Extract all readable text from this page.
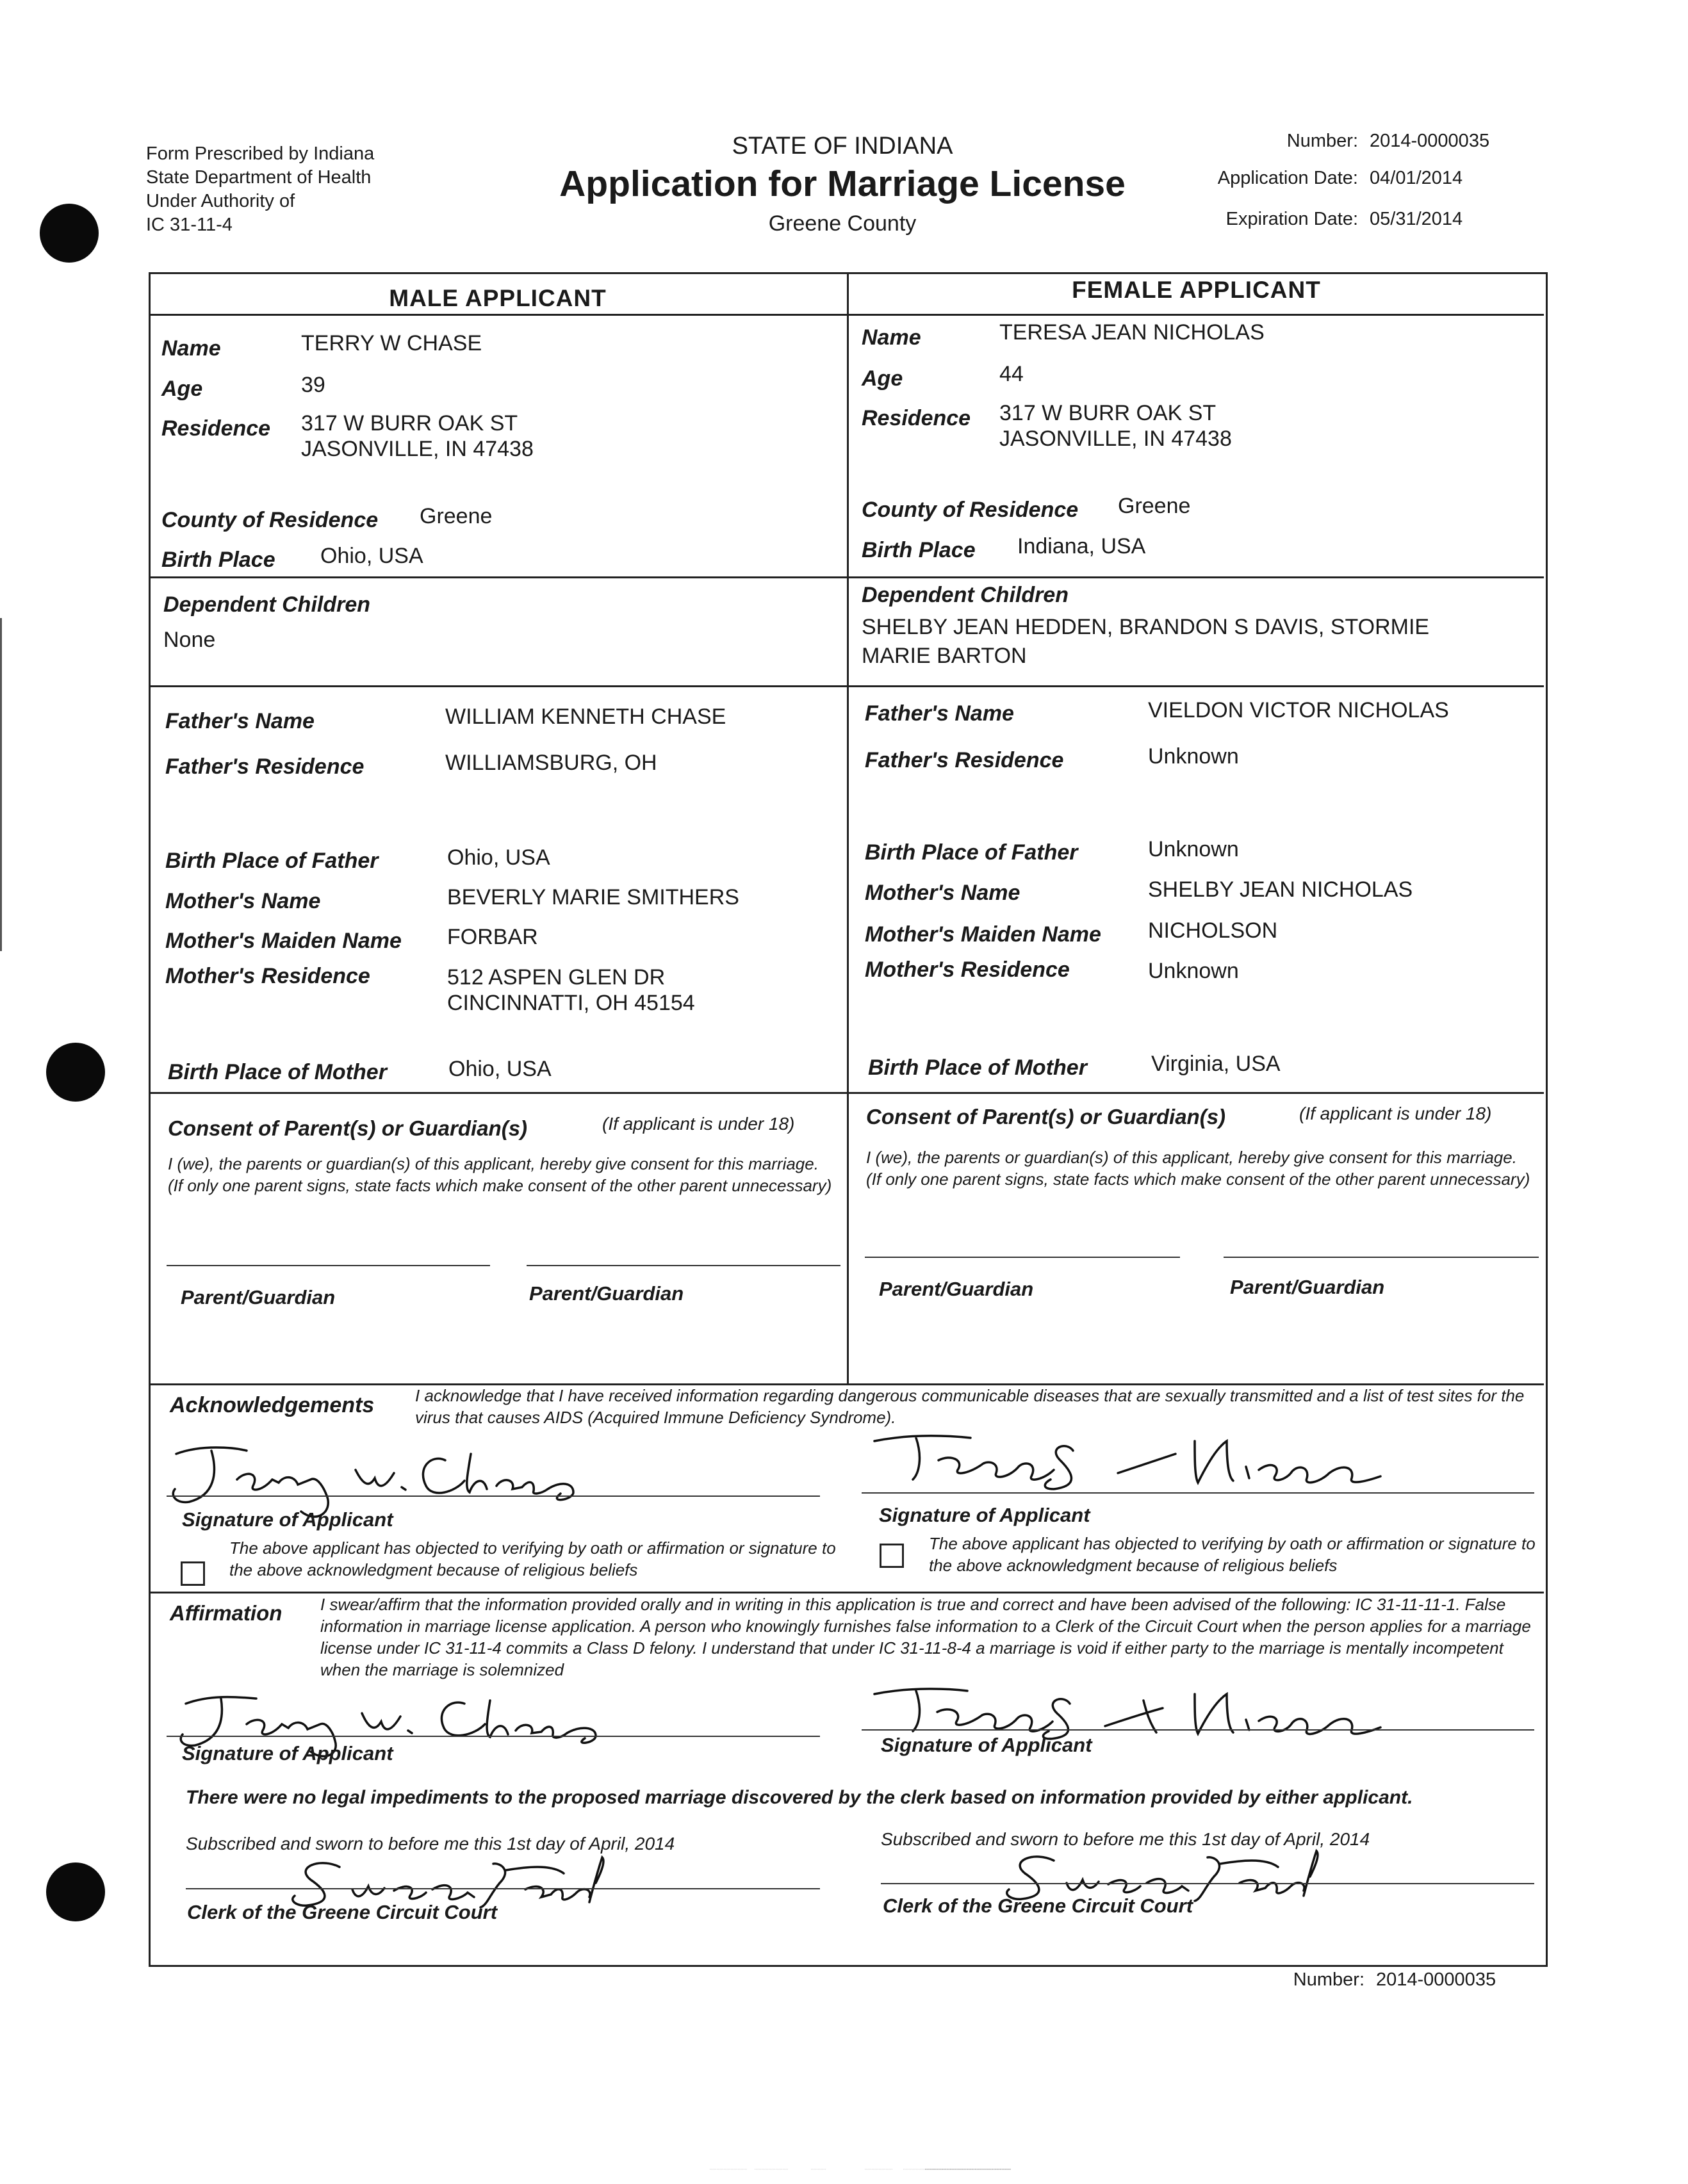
Form Prescribed by Indiana
State Department of Health
Under Authority of
IC 31-11-4
STATE OF INDIANA
Application for Marriage License
Greene County
Number: 2014-0000035
Application Date: 04/01/2014
Expiration Date: 05/31/2014
MALE APPLICANT	FEMALE APPLICANT
Name	TERRY W CHASE
Age	39
Residence 317 W BURR OAK ST
JASONVILLE, IN 47438
County of Residence Greene
Birth Place Ohio, USA
Name	TERESA JEAN NICHOLAS
Age	44
Residence 317 W BURR OAK ST
JASONVILLE, IN 47438
County of Residence Greene
Birth Place Indiana, USA
Dependent Children
None
Dependent Children
SHELBY JEAN HEDDEN, BRANDON S DAVIS, STORMIE
MARIE BARTON
Father's Name	WILLIAM KENNETH CHASE
Father's Residence	WILLIAMSBURG, OH
Birth Place of Father	Ohio, USA
Mother's Name	BEVERLY MARIE SMITHERS
Mother's Maiden Name FORBAR
Mother's Residence	512 ASPEN GLEN DR
CINCINNATTI, OH 45154
Birth Place of Mother	Ohio, USA
Father's Name	VIELDON VICTOR NICHOLAS
Father's Residence	Unknown
Birth Place of Father	Unknown
Mother's Name	SHELBY JEAN NICHOLAS
Mother's Maiden Name NICHOLSON
Mother's Residence	Unknown
Birth Place of Mother	Virginia, USA
Consent of Parent(s) or Guardian(s)	(If applicant is under 18)
I (we), the parents or guardian(s) of this applicant, hereby give consent for this marriage. (If only one parent signs, state facts which make consent of the other parent unnecessary)
Parent/Guardian	Parent/Guardian
Consent of Parent(s) or Guardian(s)	(If applicant is under 18)
I (we), the parents or guardian(s) of this applicant, hereby give consent for this marriage. (If only one parent signs, state facts which make consent of the other parent unnecessary)
Parent/Guardian	Parent/Guardian
Acknowledgements I acknowledge that I have received information regarding dangerous communicable diseases that are sexually transmitted and a list of test sites for the virus that causes AIDS (Acquired Immune Deficiency Syndrome).
Signature of Applicant	Signature of Applicant
The above applicant has objected to verifying by oath or affirmation or signature to the above acknowledgment because of religious beliefs
The above applicant has objected to verifying by oath or affirmation or signature to the above acknowledgment because of religious beliefs
Affirmation I swear/affirm that the information provided orally and in writing in this application is true and correct and have been advised of the following: IC 31-11-11-1. False information in marriage license application. A person who knowingly furnishes false information to a Clerk of the Circuit Court when the person applies for a marriage license under IC 31-11-4 commits a Class D felony. I understand that under IC 31-11-8-4 a marriage is void if either party to the marriage is mentally incompetent when the marriage is solemnized
Signature of Applicant	Signature of Applicant
There were no legal impediments to the proposed marriage discovered by the clerk based on information provided by either applicant.
Subscribed and sworn to before me this 1st day of April, 2014
Clerk of the Greene Circuit Court
Subscribed and sworn to before me this 1st day of April, 2014
Clerk of the Greene Circuit Court
Number: 2014-0000035
